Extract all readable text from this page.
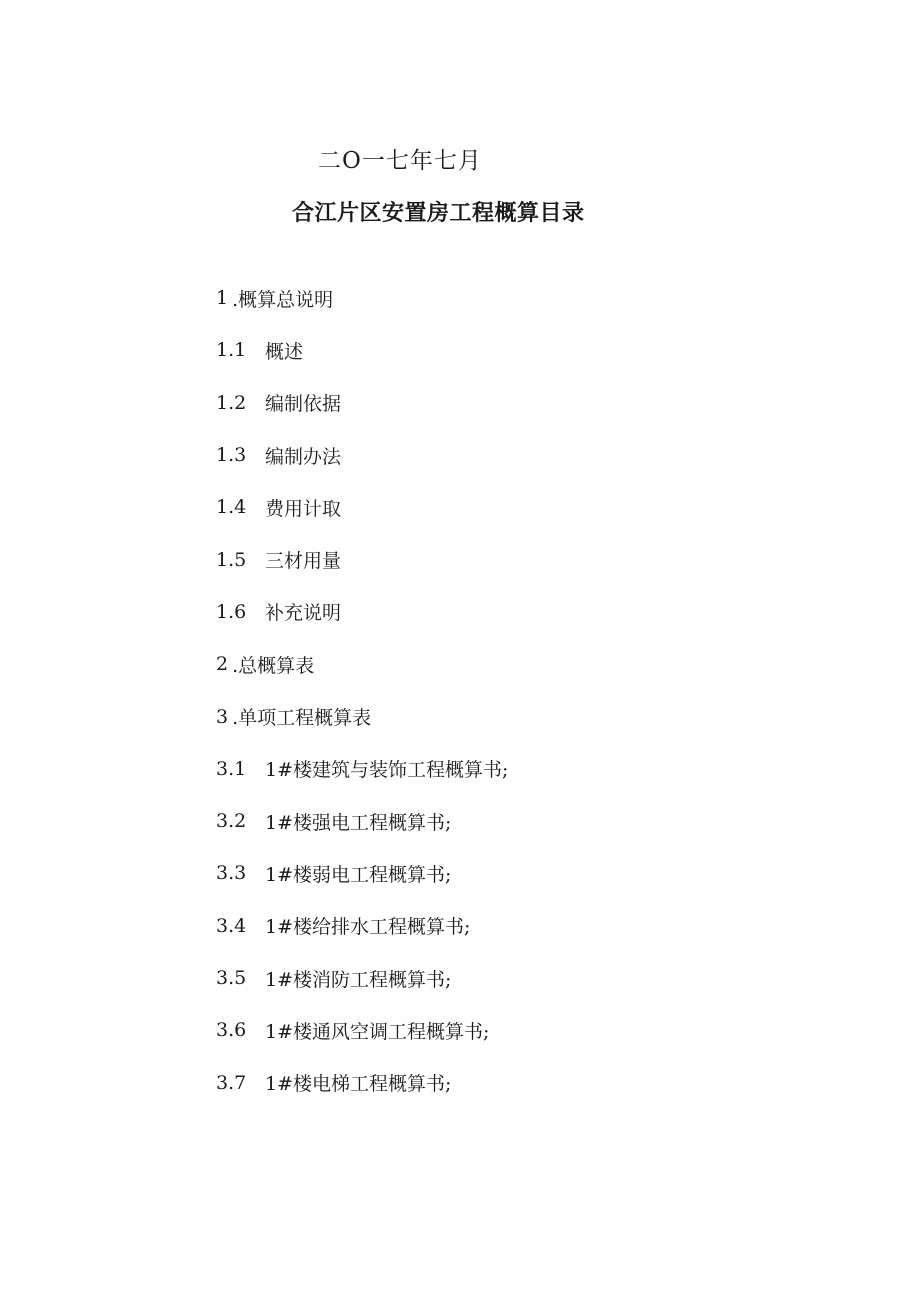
二O一七年七月
合江片区安置房工程概算目录
1 .概算总说明
1.1 概述
1.2 编制依据
1.3 编制办法
1.4 费用计取
1.5 三材用量
1.6 补充说明
2 .总概算表
3 .单项工程概算表
3.1 1#楼建筑与装饰工程概算书;
3.2 1#楼强电工程概算书;
3.3 1#楼弱电工程概算书;
3.4 1#楼给排水工程概算书;
3.5 1#楼消防工程概算书;
3.6 1#楼通风空调工程概算书;
3.7 1#楼电梯工程概算书;
